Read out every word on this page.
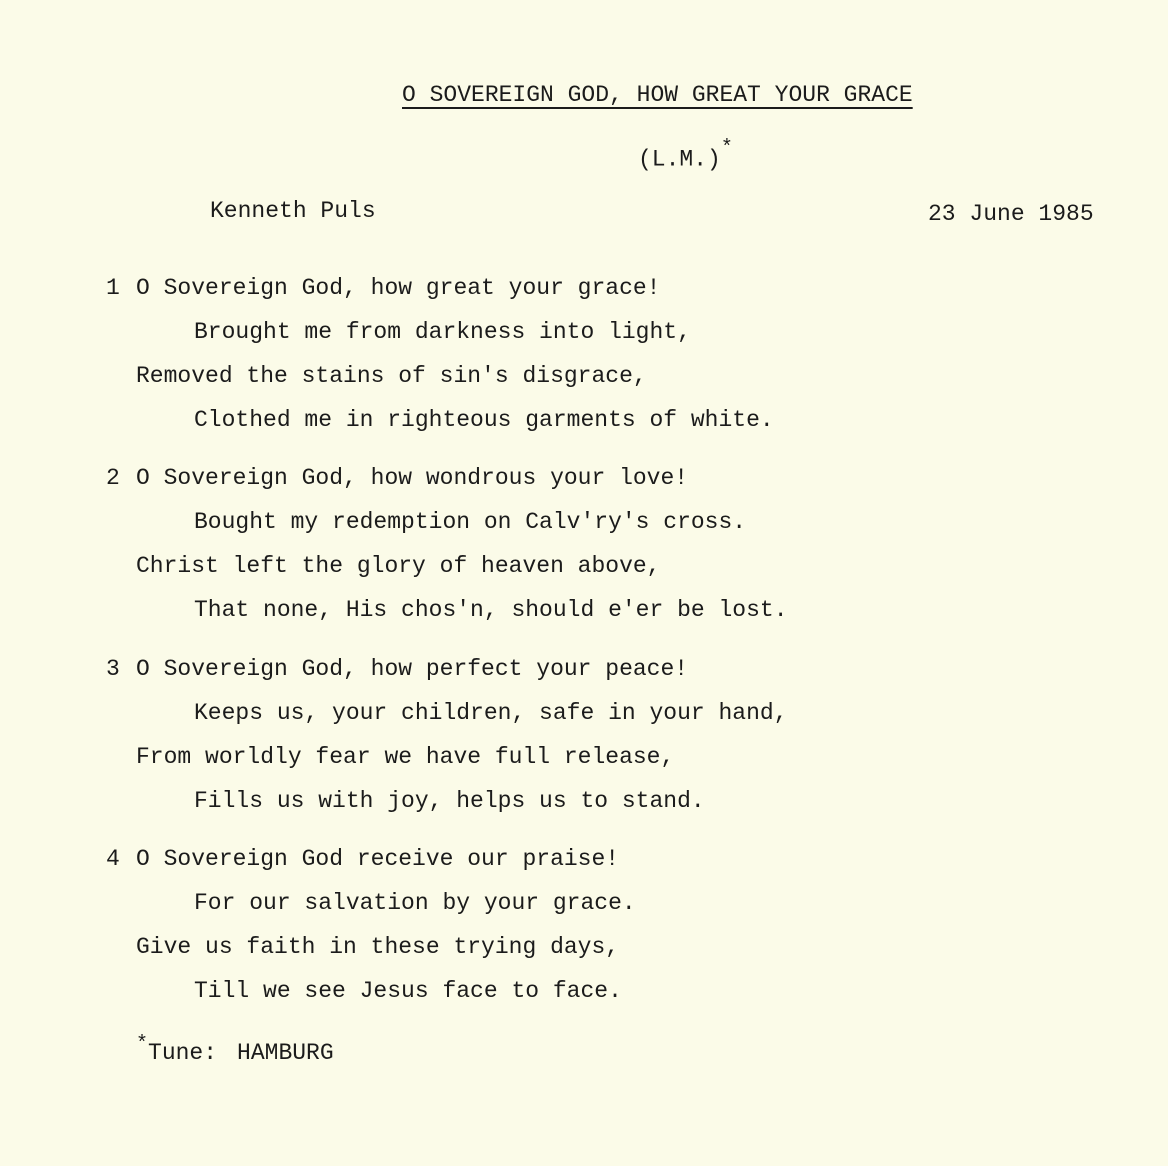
O SOVEREIGN GOD, HOW GREAT YOUR GRACE
(L.M.)*
Kenneth Puls	23 June 1985
1 O Sovereign God, how great your grace!
Brought me from darkness into light,
Removed the stains of sin's disgrace,
Clothed me in righteous garments of white.
2 O Sovereign God, how wondrous your love!
Bought my redemption on Calv'ry's cross.
Christ left the glory of heaven above,
That none, His chos'n, should e'er be lost.
3 O Sovereign God, how perfect your peace!
Keeps us, your children, safe in your hand,
From worldly fear we have full release,
Fills us with joy, helps us to stand.
4 O Sovereign God receive our praise!
For our salvation by your grace.
Give us faith in these trying days,
Till we see Jesus face to face.
*Tune: HAMBURG
